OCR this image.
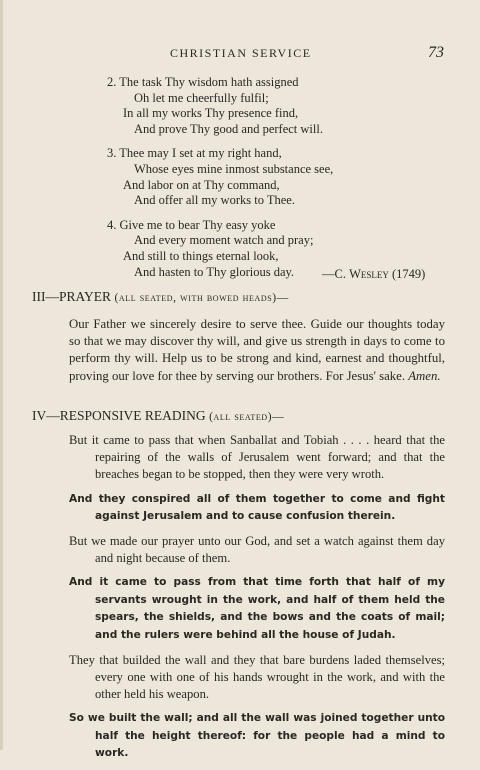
CHRISTIAN SERVICE	73
2. The task Thy wisdom hath assigned
Oh let me cheerfully fulfil;
In all my works Thy presence find,
And prove Thy good and perfect will.
3. Thee may I set at my right hand,
Whose eyes mine inmost substance see,
And labor on at Thy command,
And offer all my works to Thee.
4. Give me to bear Thy easy yoke
And every moment watch and pray;
And still to things eternal look,
And hasten to Thy glorious day.	—C. Wesley (1749)
III—PRAYER (all seated, with bowed heads)—
Our Father we sincerely desire to serve thee. Guide our thoughts today so that we may discover thy will, and give us strength in days to come to perform thy will. Help us to be strong and kind, earnest and thoughtful, proving our love for thee by serving our brothers. For Jesus' sake. Amen.
IV—RESPONSIVE READING (all seated)—
But it came to pass that when Sanballat and Tobiah . . . . heard that the repairing of the walls of Jerusalem went forward; and that the breaches began to be stopped, then they were very wroth.
And they conspired all of them together to come and fight against Jerusalem and to cause confusion therein.
But we made our prayer unto our God, and set a watch against them day and night because of them.
And it came to pass from that time forth that half of my servants wrought in the work, and half of them held the spears, the shields, and the bows and the coats of mail; and the rulers were behind all the house of Judah.
They that builded the wall and they that bare burdens laded themselves; every one with one of his hands wrought in the work, and with the other held his weapon.
So we built the wall; and all the wall was joined together unto half the height thereof: for the people had a mind to work.
